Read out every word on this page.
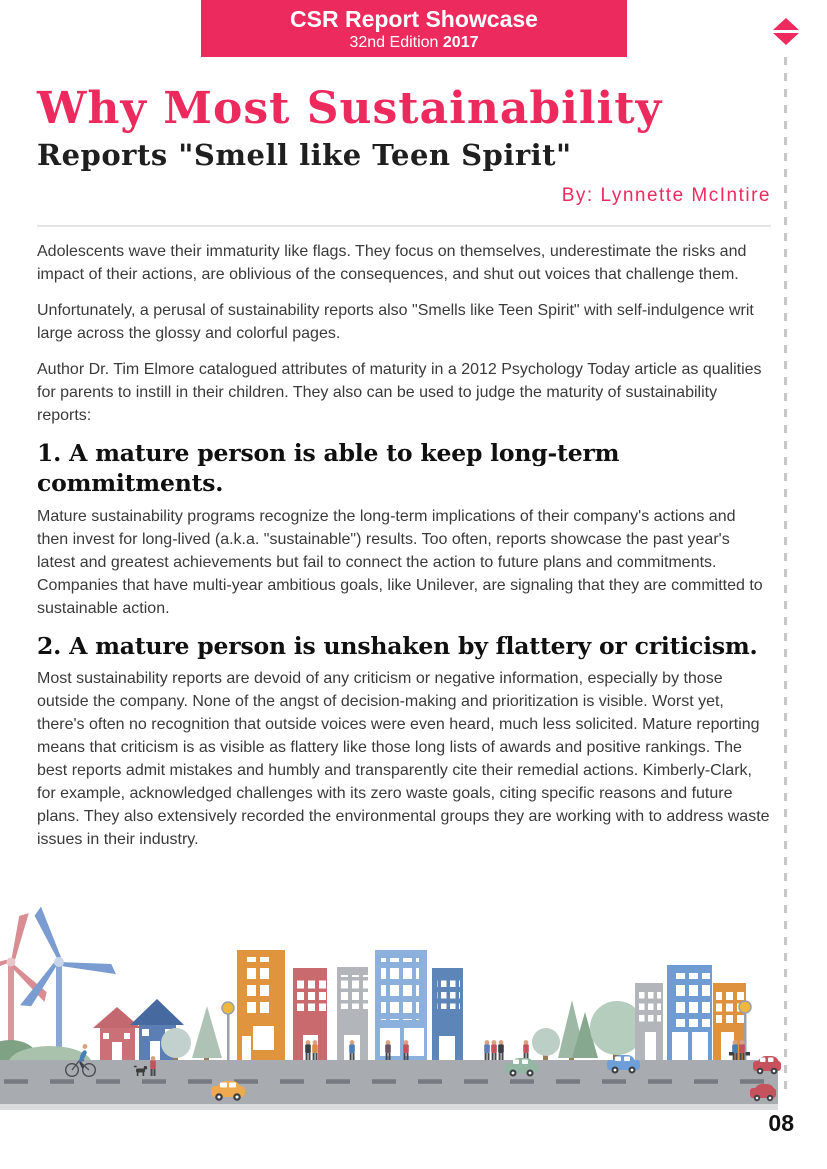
CSR Report Showcase
32nd Edition 2017
Why Most Sustainability
Reports "Smell like Teen Spirit"
By: Lynnette McIntire

Adolescents wave their immaturity like flags. They focus on themselves, underestimate the risks and impact of their actions, are oblivious of the consequences, and shut out voices that challenge them.

Unfortunately, a perusal of sustainability reports also "Smells like Teen Spirit" with self-indulgence writ large across the glossy and colorful pages.

Author Dr. Tim Elmore catalogued attributes of maturity in a 2012 Psychology Today article as qualities for parents to instill in their children. They also can be used to judge the maturity of sustainability reports:

1. A mature person is able to keep long-term commitments.

Mature sustainability programs recognize the long-term implications of their company's actions and then invest for long-lived (a.k.a. "sustainable") results. Too often, reports showcase the past year's latest and greatest achievements but fail to connect the action to future plans and commitments. Companies that have multi-year ambitious goals, like Unilever, are signaling that they are committed to sustainable action.

2. A mature person is unshaken by flattery or criticism.

Most sustainability reports are devoid of any criticism or negative information, especially by those outside the company. None of the angst of decision-making and prioritization is visible. Worst yet, there's often no recognition that outside voices were even heard, much less solicited. Mature reporting means that criticism is as visible as flattery like those long lists of awards and positive rankings. The best reports admit mistakes and humbly and transparently cite their remedial actions. Kimberly-Clark, for example, acknowledged challenges with its zero waste goals, citing specific reasons and future plans. They also extensively recorded the environmental groups they are working with to address waste issues in their industry.

08
